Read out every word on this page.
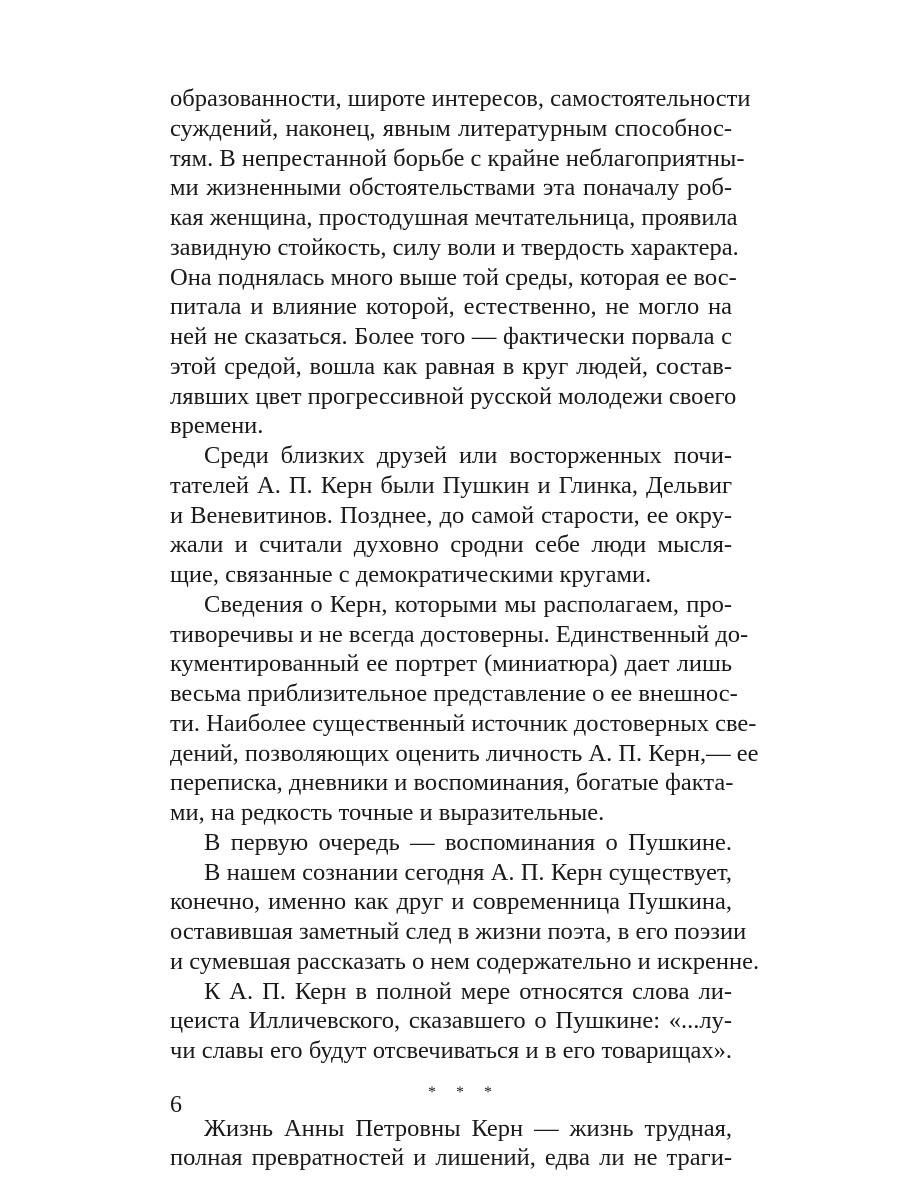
образованности, широте интересов, самостоятельности
суждений, наконец, явным литературным способнос-
тям. В непрестанной борьбе с крайне неблагоприятны-
ми жизненными обстоятельствами эта поначалу роб-
кая женщина, простодушная мечтательница, проявила
завидную стойкость, силу воли и твердость характера.
Она поднялась много выше той среды, которая ее вос-
питала и влияние которой, естественно, не могло на
ней не сказаться. Более того — фактически порвала с
этой средой, вошла как равная в круг людей, состав-
лявших цвет прогрессивной русской молодежи своего
времени.
Среди близких друзей или восторженных почи-
тателей А. П. Керн были Пушкин и Глинка, Дельвиг
и Веневитинов. Позднее, до самой старости, ее окру-
жали и считали духовно сродни себе люди мысля-
щие, связанные с демократическими кругами.
Сведения о Керн, которыми мы располагаем, про-
тиворечивы и не всегда достоверны. Единственный до-
кументированный ее портрет (миниатюра) дает лишь
весьма приблизительное представление о ее внешнос-
ти. Наиболее существенный источник достоверных све-
дений, позволяющих оценить личность А. П. Керн,— ее
переписка, дневники и воспоминания, богатые факта-
ми, на редкость точные и выразительные.
В первую очередь — воспоминания о Пушкине.
В нашем сознании сегодня А. П. Керн существует,
конечно, именно как друг и современница Пушкина,
оставившая заметный след в жизни поэта, в его поэзии
и сумевшая рассказать о нем содержательно и искренне.
К А. П. Керн в полной мере относятся слова ли-
цеиста Илличевского, сказавшего о Пушкине: «...лу-
чи славы его будут отсвечиваться и в его товарищах».
* * *
Жизнь Анны Петровны Керн — жизнь трудная,
полная превратностей и лишений, едва ли не траги-
6
